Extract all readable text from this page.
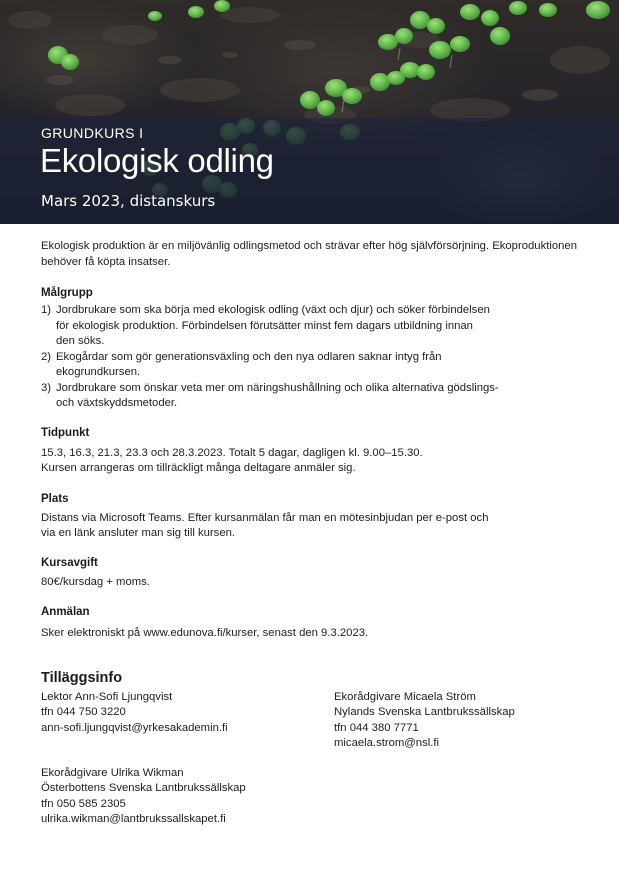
GRUNDKURS I
Ekologisk odling
Mars 2023, distanskurs
Ekologisk produktion är en miljövänlig odlingsmetod och strävar efter hög självförsörjning. Ekoproduktionen behöver få köpta insatser.
Målgrupp
1) Jordbrukare som ska börja med ekologisk odling (växt och djur) och söker förbindelsen
för ekologisk produktion. Förbindelsen förutsätter minst fem dagars utbildning innan
den söks.
2) Ekogårdar som gör generationsväxling och den nya odlaren saknar intyg från
ekogrundkursen.
3) Jordbrukare som önskar veta mer om näringshushållning och olika alternativa gödslings-
och växtskyddsmetoder.
Tidpunkt
15.3, 16.3, 21.3, 23.3 och 28.3.2023. Totalt 5 dagar, dagligen kl. 9.00–15.30.
Kursen arrangeras om tillräckligt många deltagare anmäler sig.
Plats
Distans via Microsoft Teams. Efter kursanmälan får man en mötesinbjudan per e-post och
via en länk ansluter man sig till kursen.
Kursavgift
80€/kursdag + moms.
Anmälan
Sker elektroniskt på www.edunova.fi/kurser, senast den 9.3.2023.
Tilläggsinfo
Lektor Ann-Sofi Ljungqvist
tfn 044 750 3220
ann-sofi.ljungqvist@yrkesakademin.fi
Ekorådgivare Micaela Ström
Nylands Svenska Lantbrukssällskap
tfn 044 380 7771
micaela.strom@nsl.fi
Ekorådgivare Ulrika Wikman
Österbottens Svenska Lantbrukssällskap
tfn 050 585 2305
ulrika.wikman@lantbrukssallskapet.fi
